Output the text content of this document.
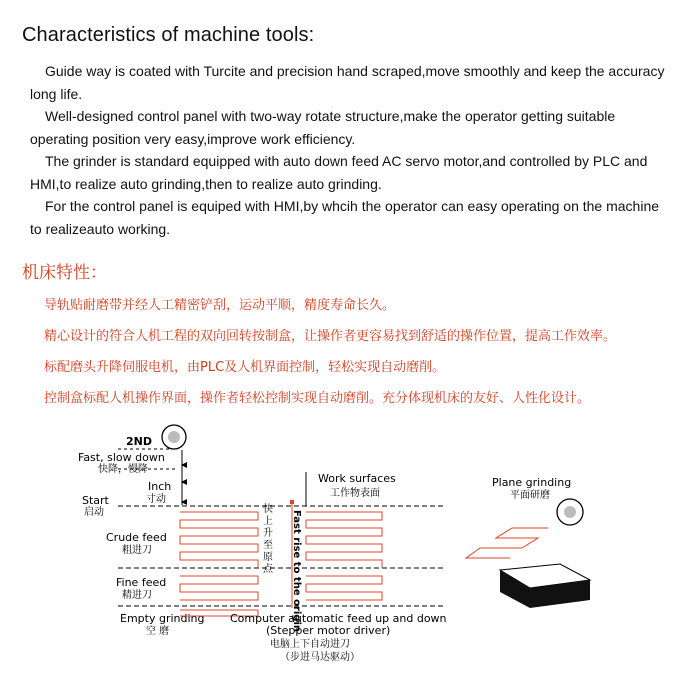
Characteristics of machine tools:

Guide way is coated with Turcite and precision hand scraped,move smoothly and keep the accuracy long life.

Well-designed control panel with two-way rotate structure,make the operator getting suitable operating position very easy,improve work efficiency.

The grinder is standard equipped with auto down feed AC servo motor,and controlled by PLC and HMI,to realize auto grinding,then to realize auto grinding.

For the control panel is equiped with HMI,by whcih the operator can easy operating on the machine to realizeauto working.

机床特性：

导轨贴耐磨带并经人工精密铲刮，运动平顺，精度寿命长久。

精心设计的符合人机工程的双向回转按制盒，让操作者更容易找到舒适的操作位置，提高工作效率。

标配磨头升降伺服电机，由PLC及人机界面控制，轻松实现自动磨削。

控制盒标配人机操作界面，操作者轻松控制实现自动磨削。充分体现机床的友好、人性化设计。

2ND
Fast, slow down
快降，慢降
Inch
寸动
Start
启动
Crude feed
粗进刀
Fine feed
精进刀
Empty grinding
空 磨	Fast rise to the origin
快上升至原点
Work surfaces
工作物表面
Computer automatic feed up and down
(Stepper motor driver)
电脑上下自动进刀
（步进马达驱动）
Plane grinding
平面研磨
